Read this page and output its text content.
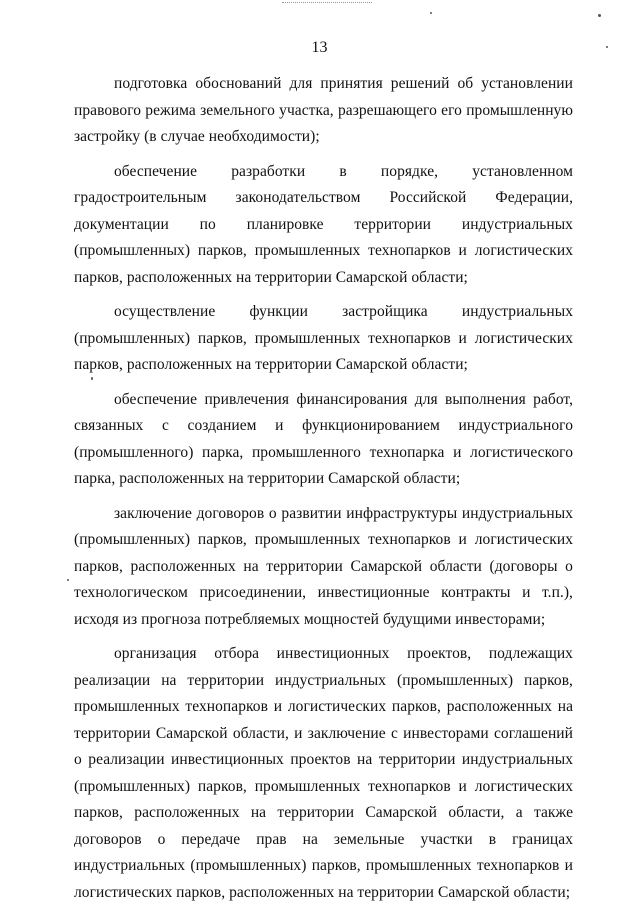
13

подготовка обоснований для принятия решений об установлении правового режима земельного участка, разрешающего его промышленную застройку (в случае необходимости);

обеспечение разработки в порядке, установленном градостроительным законодательством Российской Федерации, документации по планировке территории индустриальных (промышленных) парков, промышленных технопарков и логистических парков, расположенных на территории Самарской области;

осуществление функции застройщика индустриальных (промышленных) парков, промышленных технопарков и логистических парков, расположенных на территории Самарской области;

обеспечение привлечения финансирования для выполнения работ, связанных с созданием и функционированием индустриального (промышленного) парка, промышленного технопарка и логистического парка, расположенных на территории Самарской области;

заключение договоров о развитии инфраструктуры индустриальных (промышленных) парков, промышленных технопарков и логистических парков, расположенных на территории Самарской области (договоры о технологическом присоединении, инвестиционные контракты и т.п.), исходя из прогноза потребляемых мощностей будущими инвесторами;

организация отбора инвестиционных проектов, подлежащих реализации на территории индустриальных (промышленных) парков, промышленных технопарков и логистических парков, расположенных на территории Самарской области, и заключение с инвесторами соглашений о реализации инвестиционных проектов на территории индустриальных (промышленных) парков, промышленных технопарков и логистических парков, расположенных на территории Самарской области, а также договоров о передаче прав на земельные участки в границах индустриальных (промышленных) парков, промышленных технопарков и логистических парков, расположенных на территории Самарской области;
